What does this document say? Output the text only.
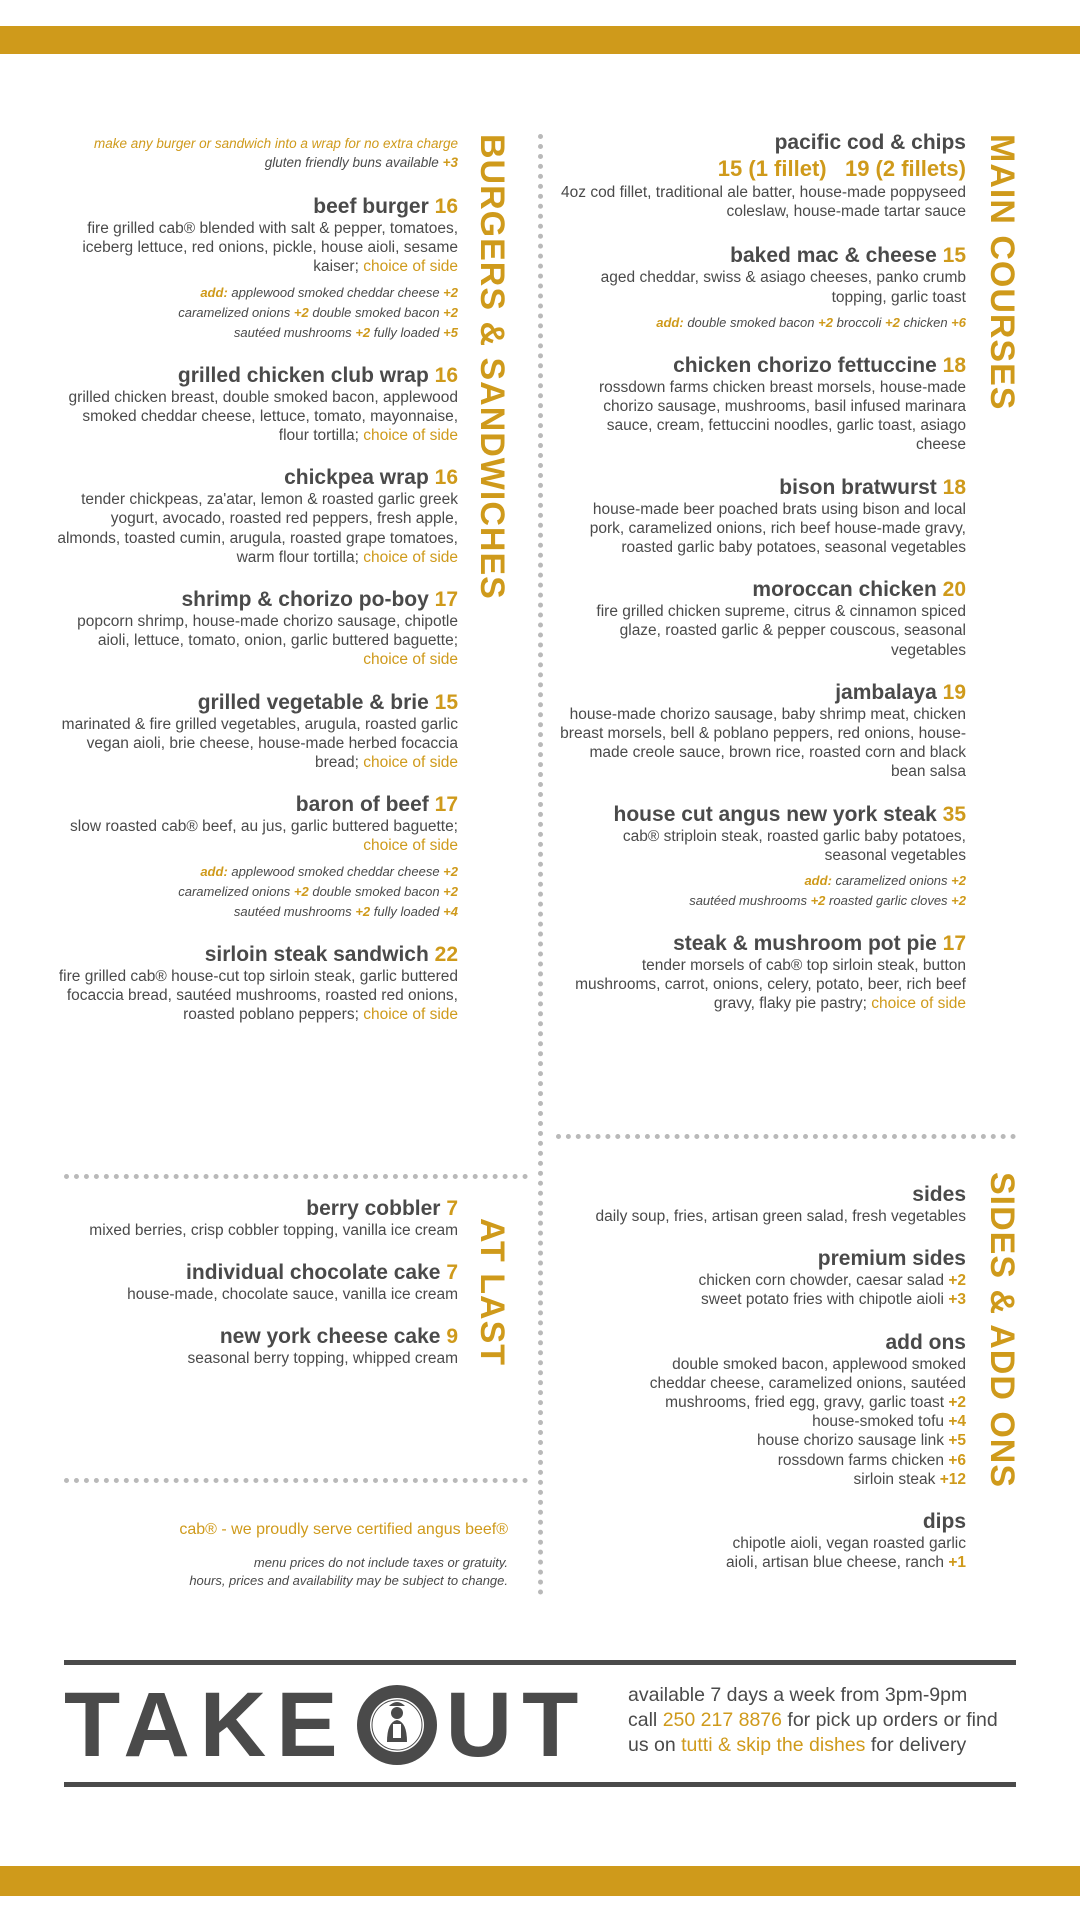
make any burger or sandwich into a wrap for no extra charge
gluten friendly buns available +3
beef burger 16
fire grilled cab® blended with salt & pepper, tomatoes, iceberg lettuce, red onions, pickle, house aioli, sesame kaiser; choice of side
add: applewood smoked cheddar cheese +2
caramelized onions +2 double smoked bacon +2
sautéed mushrooms +2 fully loaded +5
grilled chicken club wrap 16
grilled chicken breast, double smoked bacon, applewood smoked cheddar cheese, lettuce, tomato, mayonnaise, flour tortilla; choice of side
chickpea wrap 16
tender chickpeas, za'atar, lemon & roasted garlic greek yogurt, avocado, roasted red peppers, fresh apple, almonds, toasted cumin, arugula, roasted grape tomatoes, warm flour tortilla; choice of side
shrimp & chorizo po-boy 17
popcorn shrimp, house-made chorizo sausage, chipotle aioli, lettuce, tomato, onion, garlic buttered baguette; choice of side
grilled vegetable & brie 15
marinated & fire grilled vegetables, arugula, roasted garlic vegan aioli, brie cheese, house-made herbed focaccia bread; choice of side
baron of beef 17
slow roasted cab® beef, au jus, garlic buttered baguette; choice of side
add: applewood smoked cheddar cheese +2
caramelized onions +2 double smoked bacon +2
sautéed mushrooms +2 fully loaded +4
sirloin steak sandwich 22
fire grilled cab® house-cut top sirloin steak, garlic buttered focaccia bread, sautéed mushrooms, roasted red onions, roasted poblano peppers; choice of side
BURGERS & SANDWICHES	pacific cod & chips
15 (1 fillet) 19 (2 fillets)
4oz cod fillet, traditional ale batter, house-made poppyseed coleslaw, house-made tartar sauce
baked mac & cheese 15
aged cheddar, swiss & asiago cheeses, panko crumb topping, garlic toast
add: double smoked bacon +2 broccoli +2 chicken +6
chicken chorizo fettuccine 18
rossdown farms chicken breast morsels, house-made chorizo sausage, mushrooms, basil infused marinara sauce, cream, fettuccini noodles, garlic toast, asiago cheese
bison bratwurst 18
house-made beer poached brats using bison and local pork, caramelized onions, rich beef house-made gravy, roasted garlic baby potatoes, seasonal vegetables
moroccan chicken 20
fire grilled chicken supreme, citrus & cinnamon spiced glaze, roasted garlic & pepper couscous, seasonal vegetables
jambalaya 19
house-made chorizo sausage, baby shrimp meat, chicken breast morsels, bell & poblano peppers, red onions, house-made creole sauce, brown rice, roasted corn and black bean salsa
house cut angus new york steak 35
cab® striploin steak, roasted garlic baby potatoes, seasonal vegetables
add: caramelized onions +2
sautéed mushrooms +2 roasted garlic cloves +2
steak & mushroom pot pie 17
tender morsels of cab® top sirloin steak, button mushrooms, carrot, onions, celery, potato, beer, rich beef gravy, flaky pie pastry; choice of side
MAIN COURSES
berry cobbler 7
mixed berries, crisp cobbler topping, vanilla ice cream
individual chocolate cake 7
house-made, chocolate sauce, vanilla ice cream
new york cheese cake 9
seasonal berry topping, whipped cream AT LAST
cab® - we proudly serve certified angus beef®
menu prices do not include taxes or gratuity.
hours, prices and availability may be subject to change.
sides
daily soup, fries, artisan green salad, fresh vegetables
premium sides
chicken corn chowder, caesar salad +2
sweet potato fries with chipotle aioli +3
add ons
double smoked bacon, applewood smoked
cheddar cheese, caramelized onions, sautéed
mushrooms, fried egg, gravy, garlic toast +2
house-smoked tofu +4
house chorizo sausage link +5
rossdown farms chicken +6
sirloin steak +12
dips
chipotle aioli, vegan roasted garlic
aioli, artisan blue cheese, ranch +1
SIDES & ADD ONS
TAKE UT available 7 days a week from 3pm-9pm
call 250 217 8876 for pick up orders or find
us on tutti & skip the dishes for delivery
